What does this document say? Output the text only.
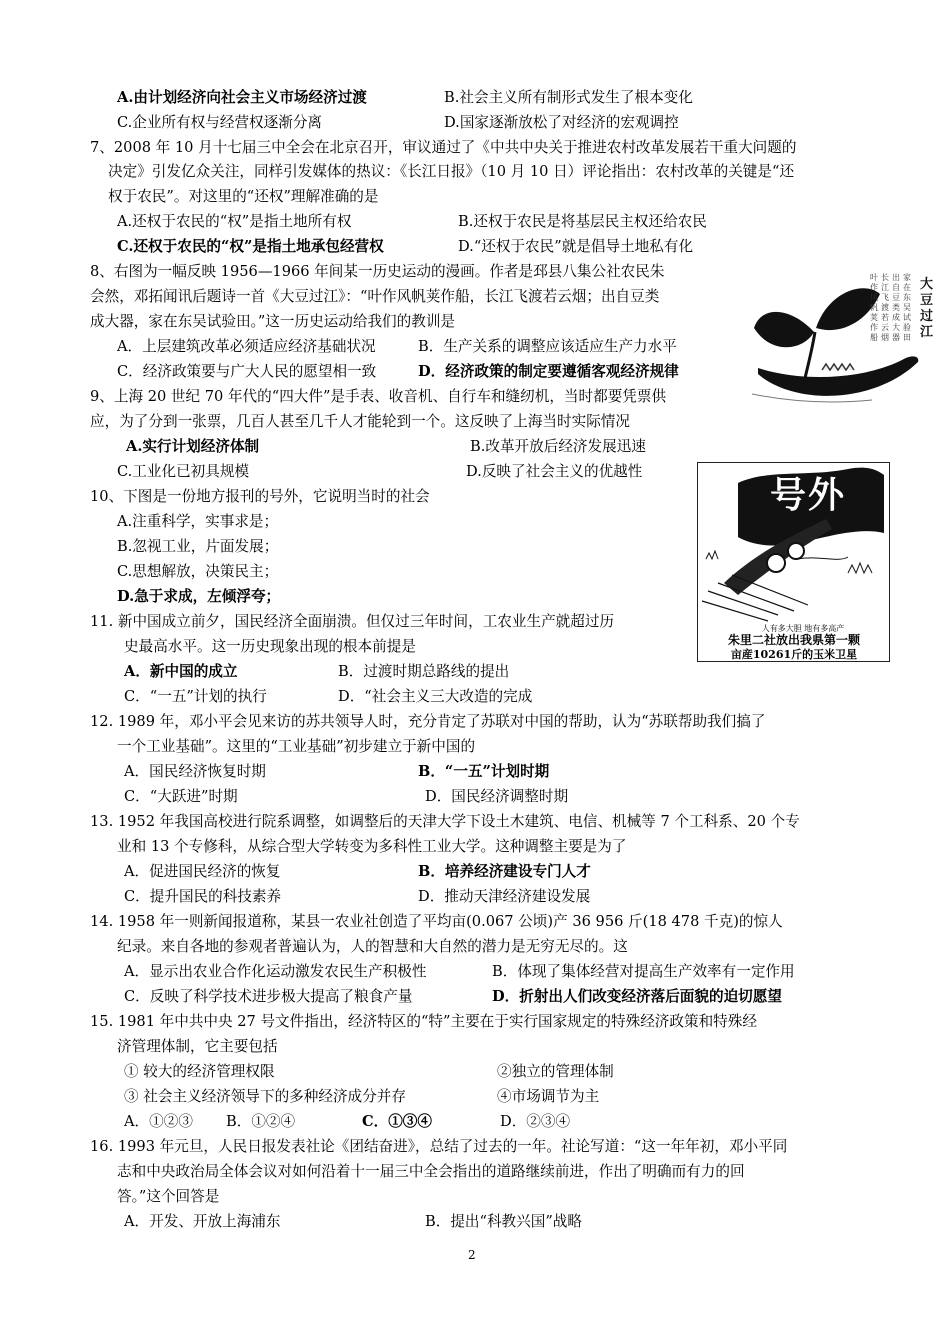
A.由计划经济向社会主义市场经济过渡	B.社会主义所有制形式发生了根本变化
C.企业所有权与经营权逐渐分离	D.国家逐渐放松了对经济的宏观调控
7、2008 年 10 月十七届三中全会在北京召开，审议通过了《中共中央关于推进农村改革发展若干重大问题的
决定》引发亿众关注，同样引发媒体的热议：《长江日报》（10 月 10 日）评论指出：农村改革的关键是“还
权于农民”。对这里的“还权”理解准确的是
A.还权于农民的“权”是指土地所有权	B.还权于农民是将基层民主权还给农民
C.还权于农民的“权”是指土地承包经营权	D.“还权于农民”就是倡导土地私有化
8、右图为一幅反映 1956—1966 年间某一历史运动的漫画。作者是邳县八集公社农民朱
会然，邓拓闻讯后题诗一首《大豆过江》：“叶作风帆荚作船，长江飞渡若云烟；出自豆类
成大器，家在东吴试验田。”这一历史运动给我们的教训是
A．上层建筑改革必须适应经济基础状况	B．生产关系的调整应该适应生产力水平
C．经济政策要与广大人民的愿望相一致	D．经济政策的制定要遵循客观经济规律
9、上海 20 世纪 70 年代的“四大件”是手表、收音机、自行车和缝纫机，当时都要凭票供
应，为了分到一张票，几百人甚至几千人才能轮到一个。这反映了上海当时实际情况
A.实行计划经济体制	B.改革开放后经济发展迅速
C.工业化已初具规模	D.反映了社会主义的优越性
10、下图是一份地方报刊的号外，它说明当时的社会
A.注重科学，实事求是；
B.忽视工业，片面发展；
C.思想解放，决策民主；
D.急于求成，左倾浮夸；
11. 新中国成立前夕，国民经济全面崩溃。但仅过三年时间，工农业生产就超过历
史最高水平。这一历史现象出现的根本前提是
A．新中国的成立	B．过渡时期总路线的提出
C．“一五”计划的执行	D．“社会主义三大改造的完成
12. 1989 年，邓小平会见来访的苏共领导人时，充分肯定了苏联对中国的帮助，认为“苏联帮助我们搞了
一个工业基础”。这里的“工业基础”初步建立于新中国的
A．国民经济恢复时期	B．“一五”计划时期
C．“大跃进”时期	D．国民经济调整时期
13. 1952 年我国高校进行院系调整，如调整后的天津大学下设土木建筑、电信、机械等 7 个工科系、20 个专
业和 13 个专修科，从综合型大学转变为多科性工业大学。这种调整主要是为了
A．促进国民经济的恢复	B．培养经济建设专门人才
C．提升国民的科技素养	D．推动天津经济建设发展
14. 1958 年一则新闻报道称，某县一农业社创造了平均亩(0.067 公顷)产 36 956 斤(18 478 千克)的惊人
纪录。来自各地的参观者普遍认为，人的智慧和大自然的潜力是无穷无尽的。这
A．显示出农业合作化运动激发农民生产积极性	B．体现了集体经营对提高生产效率有一定作用
C．反映了科学技术进步极大提高了粮食产量	D．折射出人们改变经济落后面貌的迫切愿望
15. 1981 年中共中央 27 号文件指出，经济特区的“特”主要在于实行国家规定的特殊经济政策和特殊经
济管理体制，它主要包括
① 较大的经济管理权限	②独立的管理体制
③ 社会主义经济领导下的多种经济成分并存	④市场调节为主
A．①②③ B．①②④	C．①③④	D．②③④
16. 1993 年元旦，人民日报发表社论《团结奋进》，总结了过去的一年。社论写道：“这一年年初，邓小平同
志和中央政治局全体会议对如何沿着十一届三中全会指出的道路继续前进，作出了明确而有力的回
答。”这个回答是
A．开发、开放上海浦东	B．提出“科教兴国”战略
叶
作
风
帆
荚
作
船
长
江
飞
渡
若
云
烟
出
自
豆
类
成
大
器
家
在
东
吴
试
验
田
大
豆
过
江
号外
人有多大胆 地有多高产
朱里二社放出我県第一颗
亩産10261斤的玉米卫星
2
